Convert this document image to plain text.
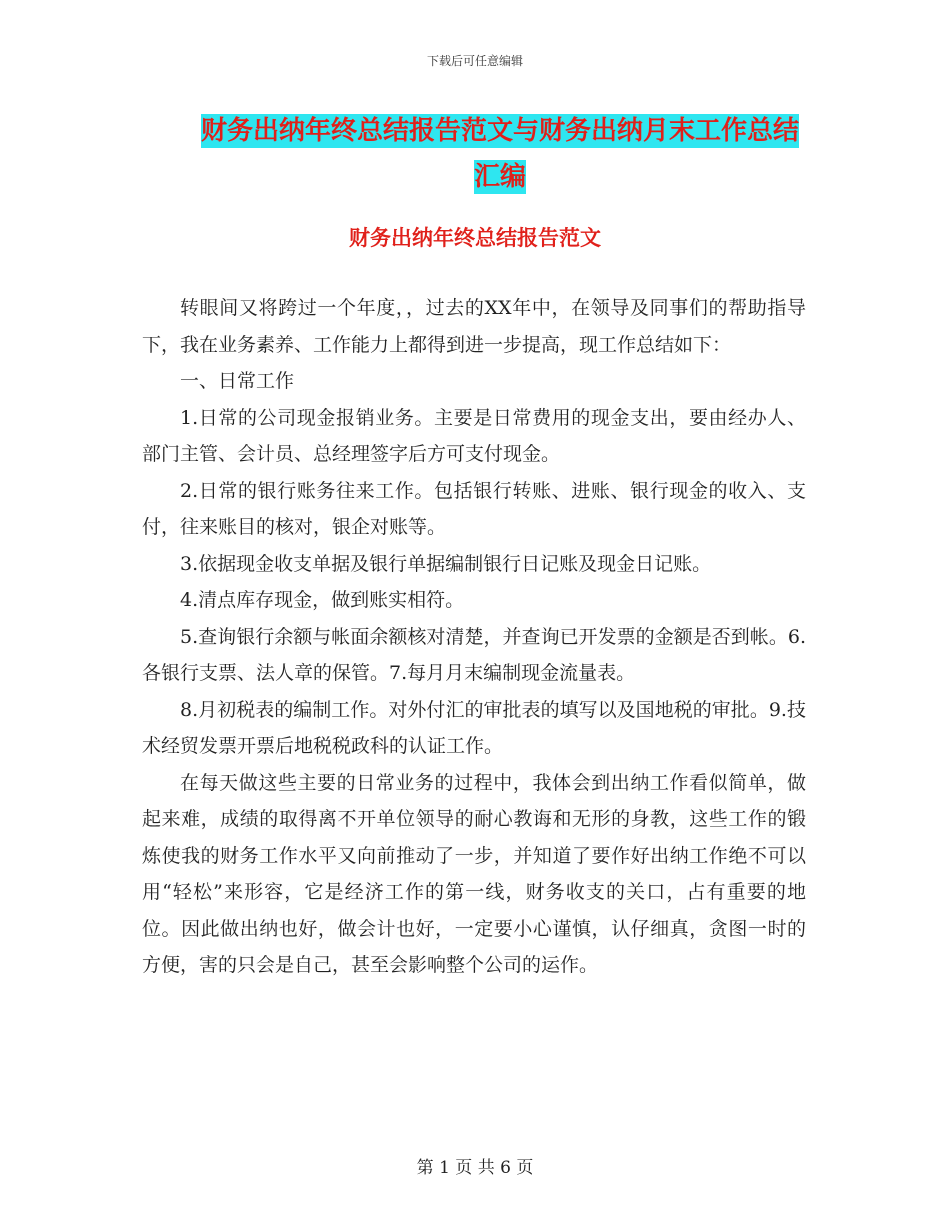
下载后可任意编辑
财务出纳年终总结报告范文与财务出纳月末工作总结
汇编
财务出纳年终总结报告范文

转眼间又将跨过一个年度，，过去的XX年中，在领导及同事们的帮助指导下，我在业务素养、工作能力上都得到进一步提高，现工作总结如下：

一、日常工作

1.日常的公司现金报销业务。主要是日常费用的现金支出，要由经办人、部门主管、会计员、总经理签字后方可支付现金。

2.日常的银行账务往来工作。包括银行转账、进账、银行现金的收入、支付，往来账目的核对，银企对账等。

3.依据现金收支单据及银行单据编制银行日记账及现金日记账。

4.清点库存现金，做到账实相符。

5.查询银行余额与帐面余额核对清楚，并查询已开发票的金额是否到帐。6.各银行支票、法人章的保管。7.每月月末编制现金流量表。

8.月初税表的编制工作。对外付汇的审批表的填写以及国地税的审批。9.技术经贸发票开票后地税税政科的认证工作。

在每天做这些主要的日常业务的过程中，我体会到出纳工作看似简单，做起来难，成绩的取得离不开单位领导的耐心教诲和无形的身教，这些工作的锻炼使我的财务工作水平又向前推动了一步，并知道了要作好出纳工作绝不可以用“轻松”来形容，它是经济工作的第一线，财务收支的关口，占有重要的地位。因此做出纳也好，做会计也好，一定要小心谨慎，认仔细真，贪图一时的方便，害的只会是自己，甚至会影响整个公司的运作。

第 1 页 共 6 页
